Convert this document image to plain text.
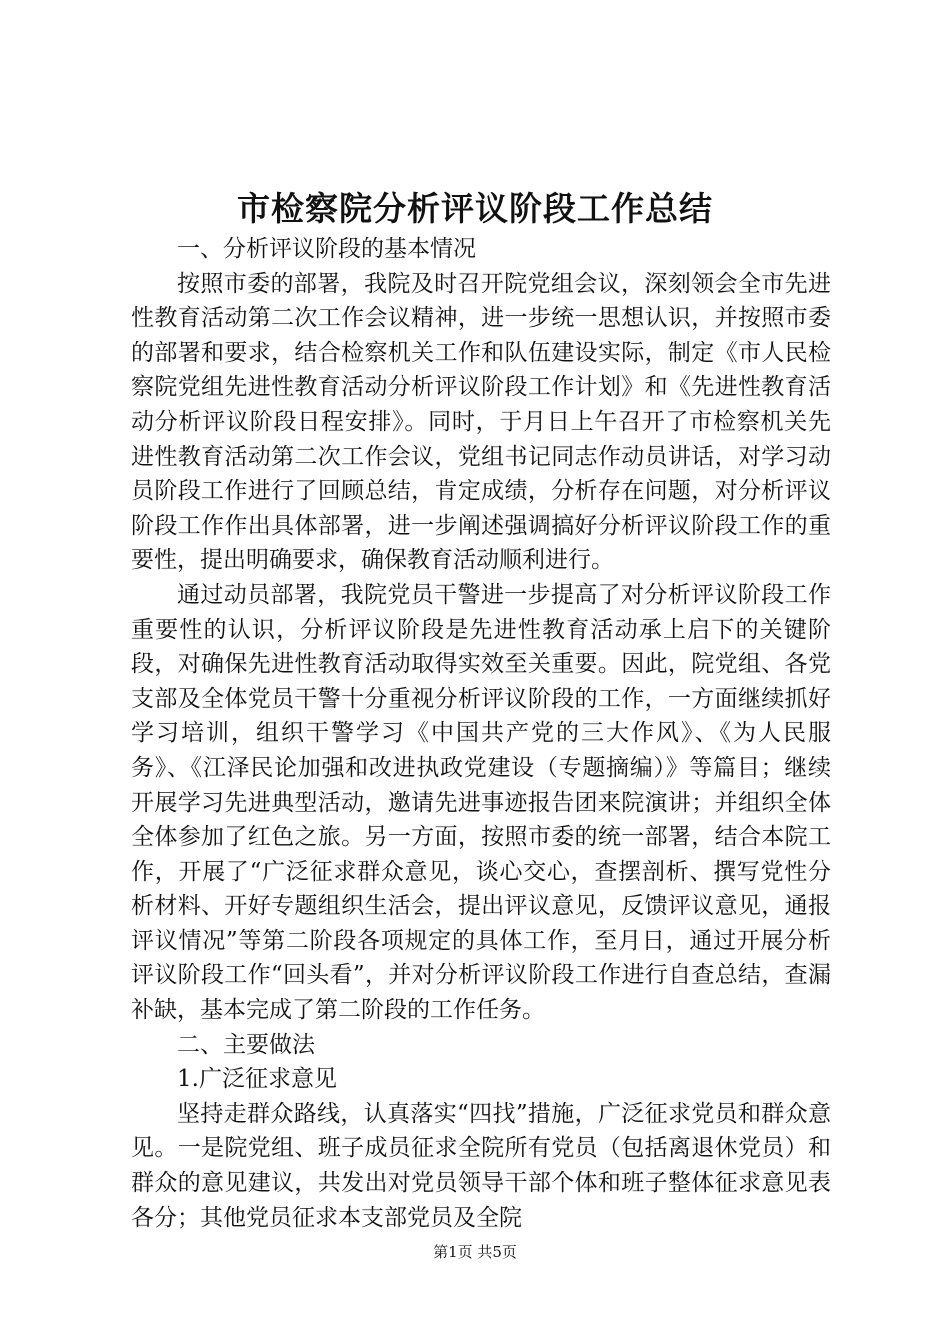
市检察院分析评议阶段工作总结

一、分析评议阶段的基本情况

按照市委的部署，我院及时召开院党组会议，深刻领会全市先进性教育活动第二次工作会议精神，进一步统一思想认识，并按照市委的部署和要求，结合检察机关工作和队伍建设实际，制定《市人民检察院党组先进性教育活动分析评议阶段工作计划》和《先进性教育活动分析评议阶段日程安排》。同时，于月日上午召开了市检察机关先进性教育活动第二次工作会议，党组书记同志作动员讲话，对学习动员阶段工作进行了回顾总结，肯定成绩，分析存在问题，对分析评议阶段工作作出具体部署，进一步阐述强调搞好分析评议阶段工作的重要性，提出明确要求，确保教育活动顺利进行。

通过动员部署，我院党员干警进一步提高了对分析评议阶段工作重要性的认识，分析评议阶段是先进性教育活动承上启下的关键阶段，对确保先进性教育活动取得实效至关重要。因此，院党组、各党支部及全体党员干警十分重视分析评议阶段的工作，一方面继续抓好学习培训，组织干警学习《中国共产党的三大作风》、《为人民服务》、《江泽民论加强和改进执政党建设（专题摘编）》等篇目；继续开展学习先进典型活动，邀请先进事迹报告团来院演讲；并组织全体全体参加了红色之旅。另一方面，按照市委的统一部署，结合本院工作，开展了“广泛征求群众意见，谈心交心，查摆剖析、撰写党性分析材料、开好专题组织生活会，提出评议意见，反馈评议意见，通报评议情况”等第二阶段各项规定的具体工作，至月日，通过开展分析评议阶段工作“回头看”，并对分析评议阶段工作进行自查总结，查漏补缺，基本完成了第二阶段的工作任务。

二、主要做法

1.广泛征求意见

坚持走群众路线，认真落实“四找”措施，广泛征求党员和群众意见。一是院党组、班子成员征求全院所有党员（包括离退休党员）和群众的意见建议，共发出对党员领导干部个体和班子整体征求意见表各分；其他党员征求本支部党员及全院

第1页 共5页
